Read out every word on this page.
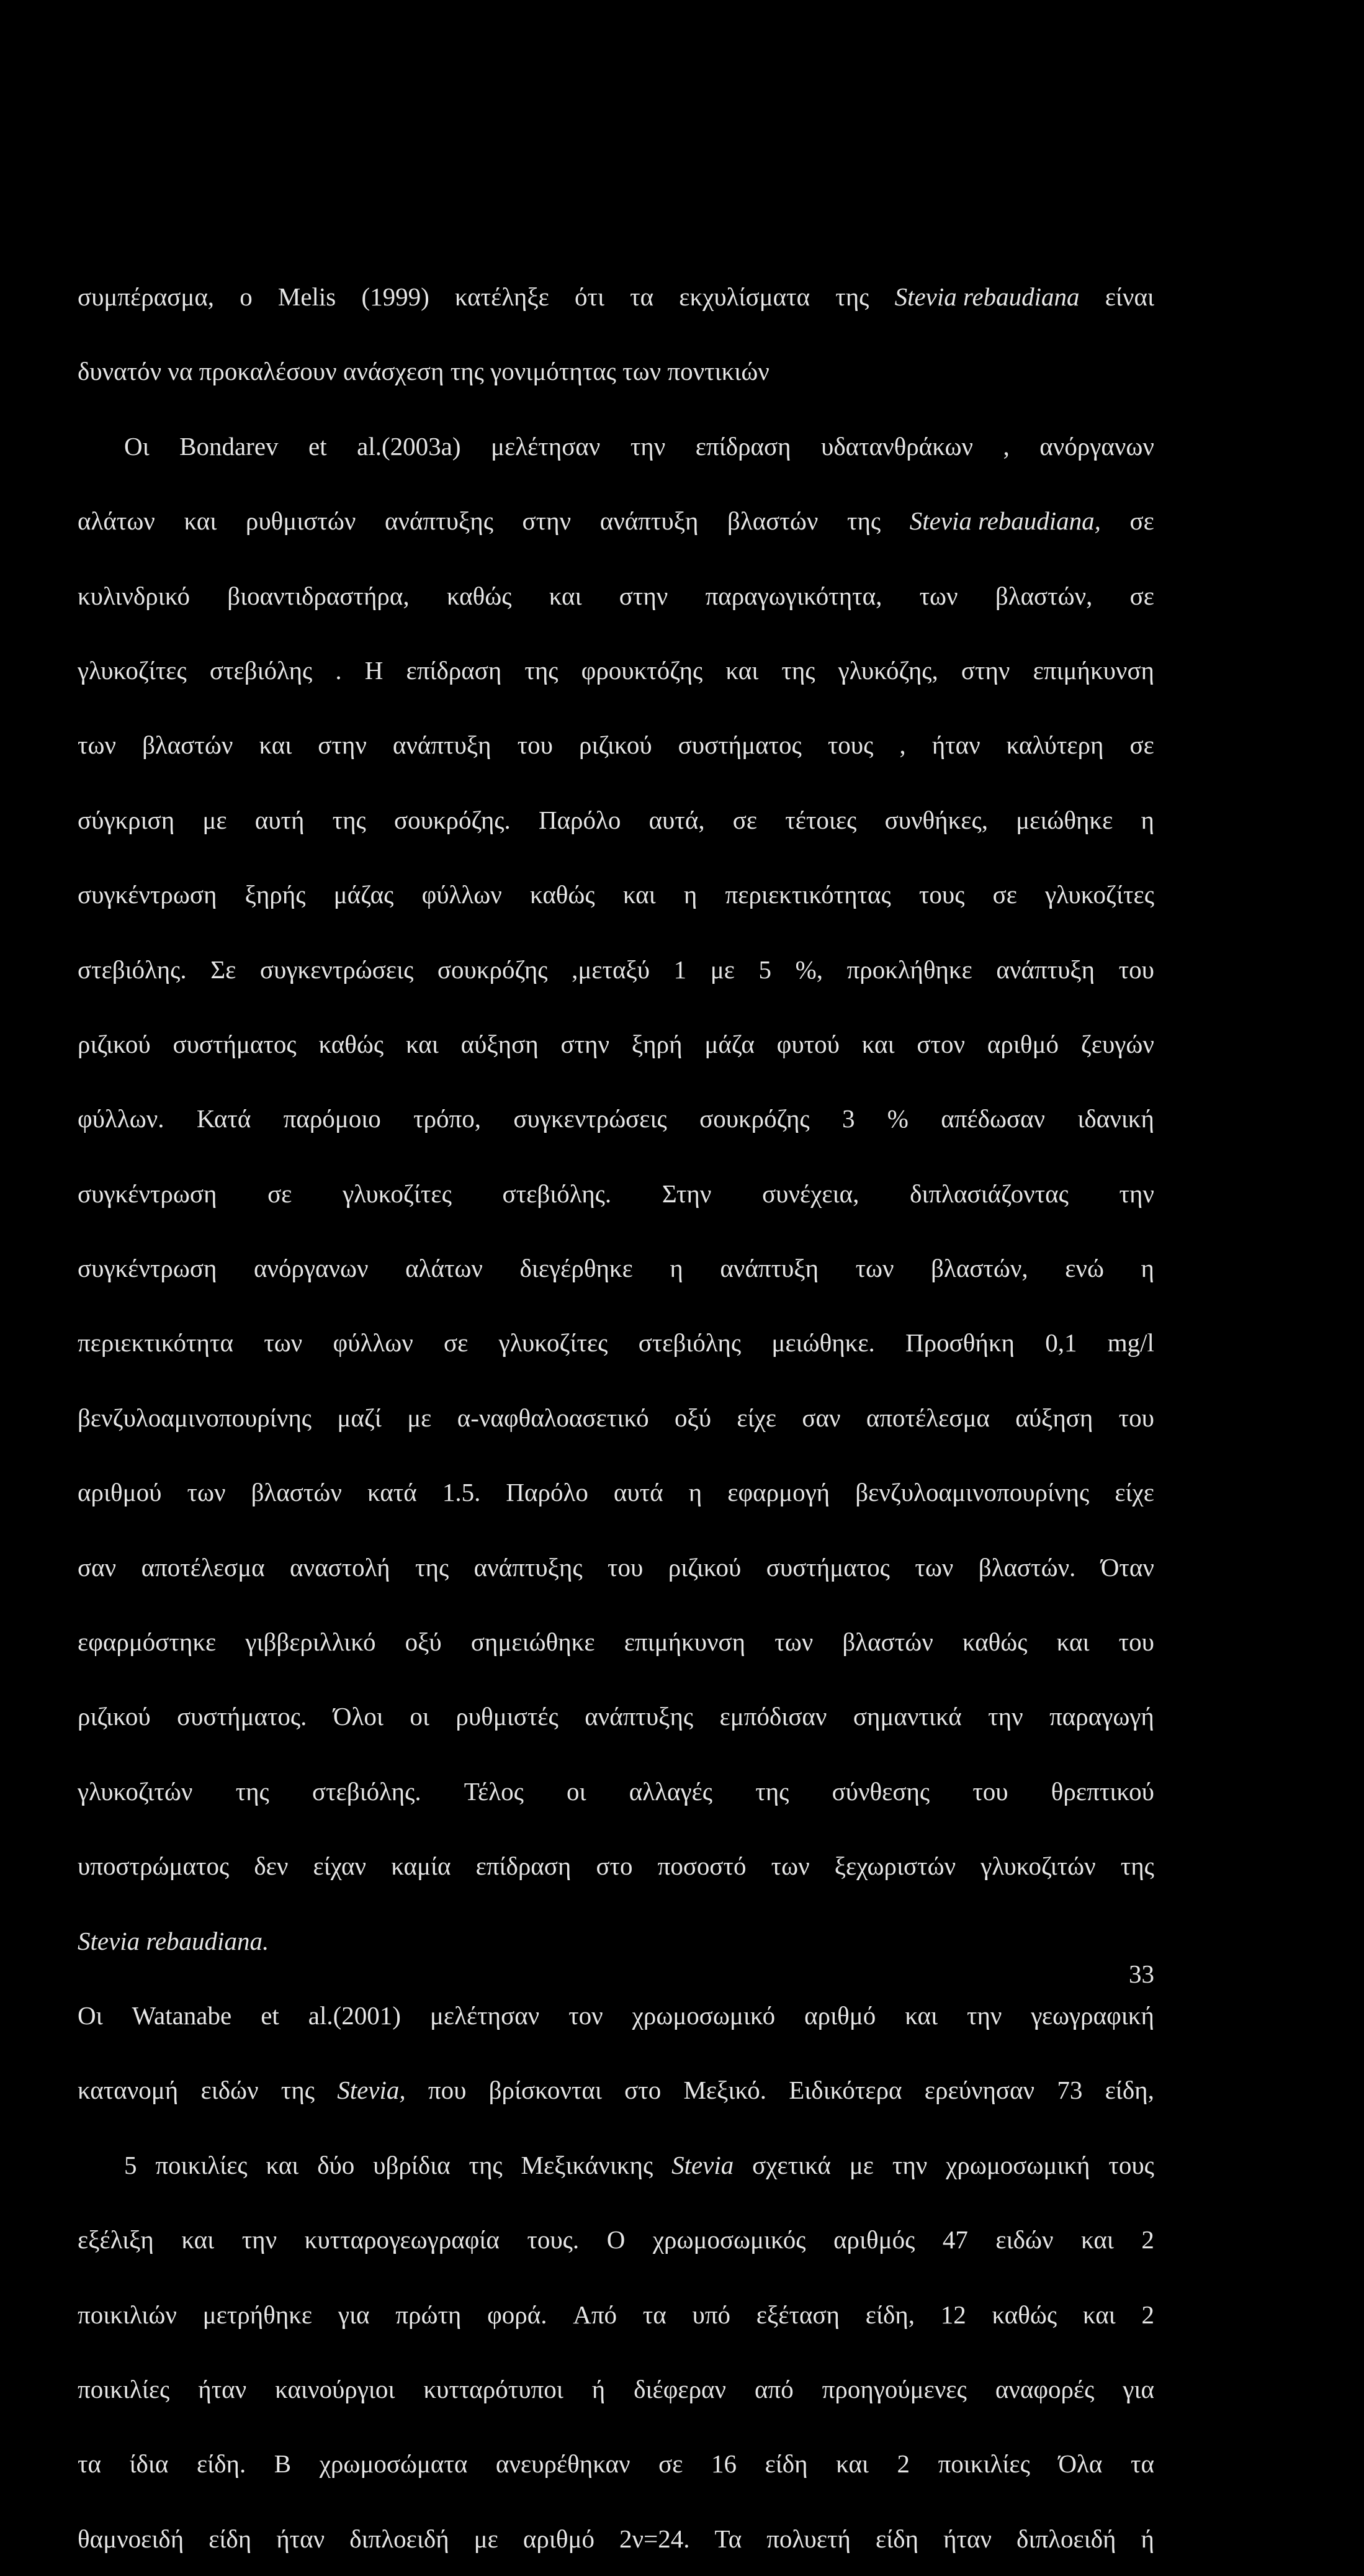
συμπέρασμα, ο Melis (1999) κατέληξε ότι τα εκχυλίσματα της Stevia rebaudiana είναι
δυνατόν να προκαλέσουν ανάσχεση της γονιμότητας των ποντικιών
Οι Bondarev et al.(2003a) μελέτησαν την επίδραση υδατανθράκων , ανόργανων
αλάτων και ρυθμιστών ανάπτυξης στην ανάπτυξη βλαστών της Stevia rebaudiana, σε
κυλινδρικό βιοαντιδραστήρα, καθώς και στην παραγωγικότητα, των βλαστών, σε
γλυκοζίτες στεβιόλης . Η επίδραση της φρουκτόζης και της γλυκόζης, στην επιμήκυνση
των βλαστών και στην ανάπτυξη του ριζικού συστήματος τους , ήταν καλύτερη σε
σύγκριση με αυτή της σουκρόζης. Παρόλο αυτά, σε τέτοιες συνθήκες, μειώθηκε η
συγκέντρωση ξηρής μάζας φύλλων καθώς και η περιεκτικότητας τους σε γλυκοζίτες
στεβιόλης. Σε συγκεντρώσεις σουκρόζης ,μεταξύ 1 με 5 %, προκλήθηκε ανάπτυξη του
ριζικού συστήματος καθώς και αύξηση στην ξηρή μάζα φυτού και στον αριθμό ζευγών
φύλλων. Κατά παρόμοιο τρόπο, συγκεντρώσεις σουκρόζης 3 % απέδωσαν ιδανική
συγκέντρωση σε γλυκοζίτες στεβιόλης. Στην συνέχεια, διπλασιάζοντας την
συγκέντρωση ανόργανων αλάτων διεγέρθηκε η ανάπτυξη των βλαστών, ενώ η
περιεκτικότητα των φύλλων σε γλυκοζίτες στεβιόλης μειώθηκε. Προσθήκη 0,1 mg/l
βενζυλοαμινοπουρίνης μαζί με α-ναφθαλοασετικό οξύ είχε σαν αποτέλεσμα αύξηση του
αριθμού των βλαστών κατά 1.5. Παρόλο αυτά η εφαρμογή βενζυλοαμινοπουρίνης είχε
σαν αποτέλεσμα αναστολή της ανάπτυξης του ριζικού συστήματος των βλαστών. Όταν
εφαρμόστηκε γιββεριλλικό οξύ σημειώθηκε επιμήκυνση των βλαστών καθώς και του
ριζικού συστήματος. Όλοι οι ρυθμιστές ανάπτυξης εμπόδισαν σημαντικά την παραγωγή
γλυκοζιτών της στεβιόλης. Τέλος οι αλλαγές της σύνθεσης του θρεπτικού
υποστρώματος δεν είχαν καμία επίδραση στο ποσοστό των ξεχωριστών γλυκοζιτών της
Stevia rebaudiana.
Οι Watanabe et al.(2001) μελέτησαν τον χρωμοσωμικό αριθμό και την γεωγραφική
κατανομή ειδών της Stevia, που βρίσκονται στο Μεξικό. Ειδικότερα ερεύνησαν 73 είδη,
5 ποικιλίες και δύο υβρίδια της Μεξικάνικης Stevia σχετικά με την χρωμοσωμική τους
εξέλιξη και την κυτταρογεωγραφία τους. Ο χρωμοσωμικός αριθμός 47 ειδών και 2
ποικιλιών μετρήθηκε για πρώτη φορά. Από τα υπό εξέταση είδη, 12 καθώς και 2
ποικιλίες ήταν καινούργιοι κυτταρότυποι ή διέφεραν από προηγούμενες αναφορές για
τα ίδια είδη. Β χρωμοσώματα ανευρέθηκαν σε 16 είδη και 2 ποικιλίες Όλα τα
θαμνοειδή είδη ήταν διπλοειδή με αριθμό 2ν=24. Τα πολυετή είδη ήταν διπλοειδή ή
33
